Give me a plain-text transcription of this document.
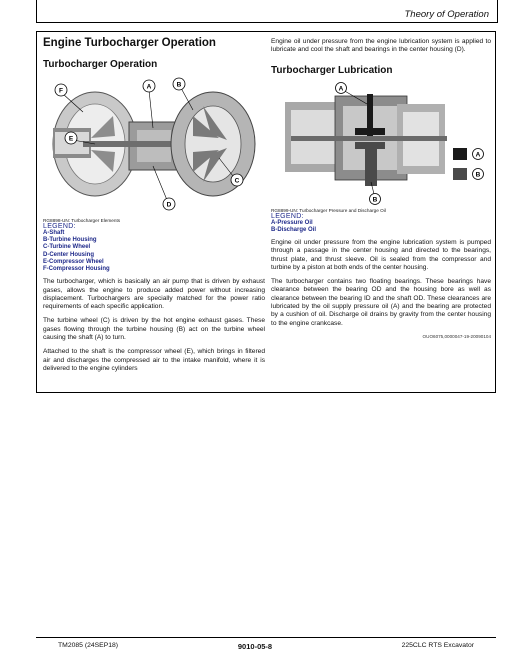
Theory of Operation
Engine Turbocharger Operation
Turbocharger Operation
F
A	B
E
C
D
RG8898-UN: Turbocharger Elements
LEGEND:
A-Shaft
B-Turbine Housing
C-Turbine Wheel
D-Center Housing
E-Compressor Wheel
F-Compressor Housing

The turbocharger, which is basically an air pump that is driven by exhaust gases, allows the engine to produce added power without increasing displacement. Turbochargers are specially matched for the power ratio requirements of each specific application.

The turbine wheel (C) is driven by the hot engine exhaust gases. These gases flowing through the turbine housing (B) act on the turbine wheel causing the shaft (A) to turn.

Attached to the shaft is the compressor wheel (E), which brings in filtered air and discharges the compressed air to the intake manifold, where it is delivered to the engine cylinders

Engine oil under pressure from the engine lubrication system is applied to lubricate and cool the shaft and bearings in the center housing (D).

Turbocharger Lubrication
A
B
A
B
RG8899-UN: Turbocharger Pressure and Discharge Oil
LEGEND:
A-Pressure Oil
B-Discharge Oil

Engine oil under pressure from the engine lubrication system is pumped through a passage in the center housing and directed to the bearings, thrust plate, and thrust sleeve. Oil is sealed from the compressor and turbine by a piston at both ends of the center housing.

The turbocharger contains two floating bearings. These bearings have clearance between the bearing OD and the housing bore as well as clearance between the bearing ID and the shaft OD. These clearances are lubricated by the oil supply pressure oil (A) and the bearing are protected by a cushion of oil. Discharge oil drains by gravity from the center housing to the engine crankcase.

OUO6075,0000047-19-20090104
TM2085 (24SEP18)	9010-05-8	225CLC RTS Excavator
